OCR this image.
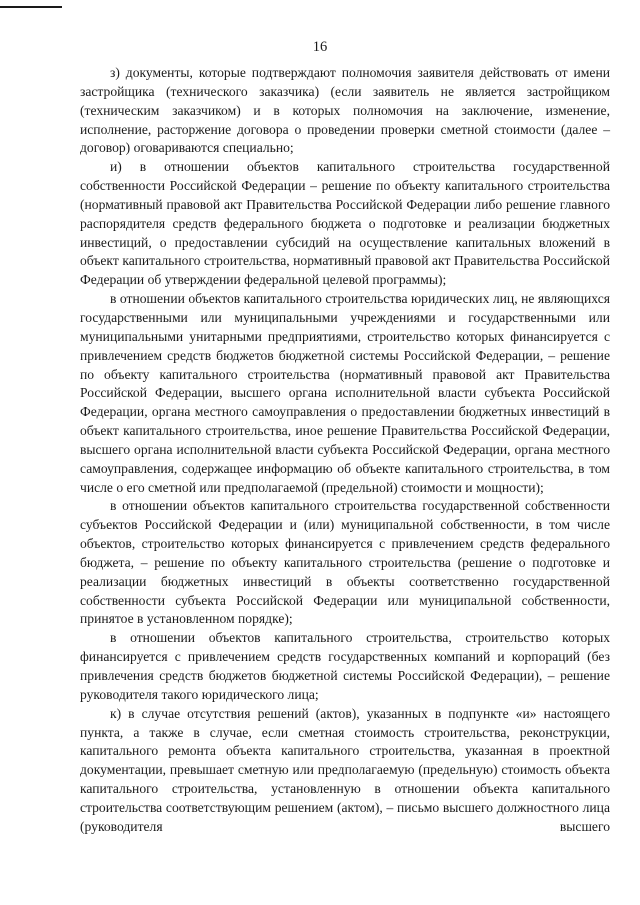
16

з) документы, которые подтверждают полномочия заявителя действовать от имени застройщика (технического заказчика) (если заявитель не является застройщиком (техническим заказчиком) и в которых полномочия на заключение, изменение, исполнение, расторжение договора о проведении проверки сметной стоимости (далее – договор) оговариваются специально;

и) в отношении объектов капитального строительства государственной собственности Российской Федерации – решение по объекту капитального строительства (нормативный правовой акт Правительства Российской Федерации либо решение главного распорядителя средств федерального бюджета о подготовке и реализации бюджетных инвестиций, о предоставлении субсидий на осуществление капитальных вложений в объект капитального строительства, нормативный правовой акт Правительства Российской Федерации об утверждении федеральной целевой программы);

в отношении объектов капитального строительства юридических лиц, не являющихся государственными или муниципальными учреждениями и государственными или муниципальными унитарными предприятиями, строительство которых финансируется с привлечением средств бюджетов бюджетной системы Российской Федерации, – решение по объекту капитального строительства (нормативный правовой акт Правительства Российской Федерации, высшего органа исполнительной власти субъекта Российской Федерации, органа местного самоуправления о предоставлении бюджетных инвестиций в объект капитального строительства, иное решение Правительства Российской Федерации, высшего органа исполнительной власти субъекта Российской Федерации, органа местного самоуправления, содержащее информацию об объекте капитального строительства, в том числе о его сметной или предполагаемой (предельной) стоимости и мощности);

в отношении объектов капитального строительства государственной собственности субъектов Российской Федерации и (или) муниципальной собственности, в том числе объектов, строительство которых финансируется с привлечением средств федерального бюджета, – решение по объекту капитального строительства (решение о подготовке и реализации бюджетных инвестиций в объекты соответственно государственной собственности субъекта Российской Федерации или муниципальной собственности, принятое в установленном порядке);

в отношении объектов капитального строительства, строительство которых финансируется с привлечением средств государственных компаний и корпораций (без привлечения средств бюджетов бюджетной системы Российской Федерации), – решение руководителя такого юридического лица;

к) в случае отсутствия решений (актов), указанных в подпункте «и» настоящего пункта, а также в случае, если сметная стоимость строительства, реконструкции, капитального ремонта объекта капитального строительства, указанная в проектной документации, превышает сметную или предполагаемую (предельную) стоимость объекта капитального строительства, установленную в отношении объекта капитального строительства соответствующим решением (актом), – письмо высшего должностного лица (руководителя высшего
